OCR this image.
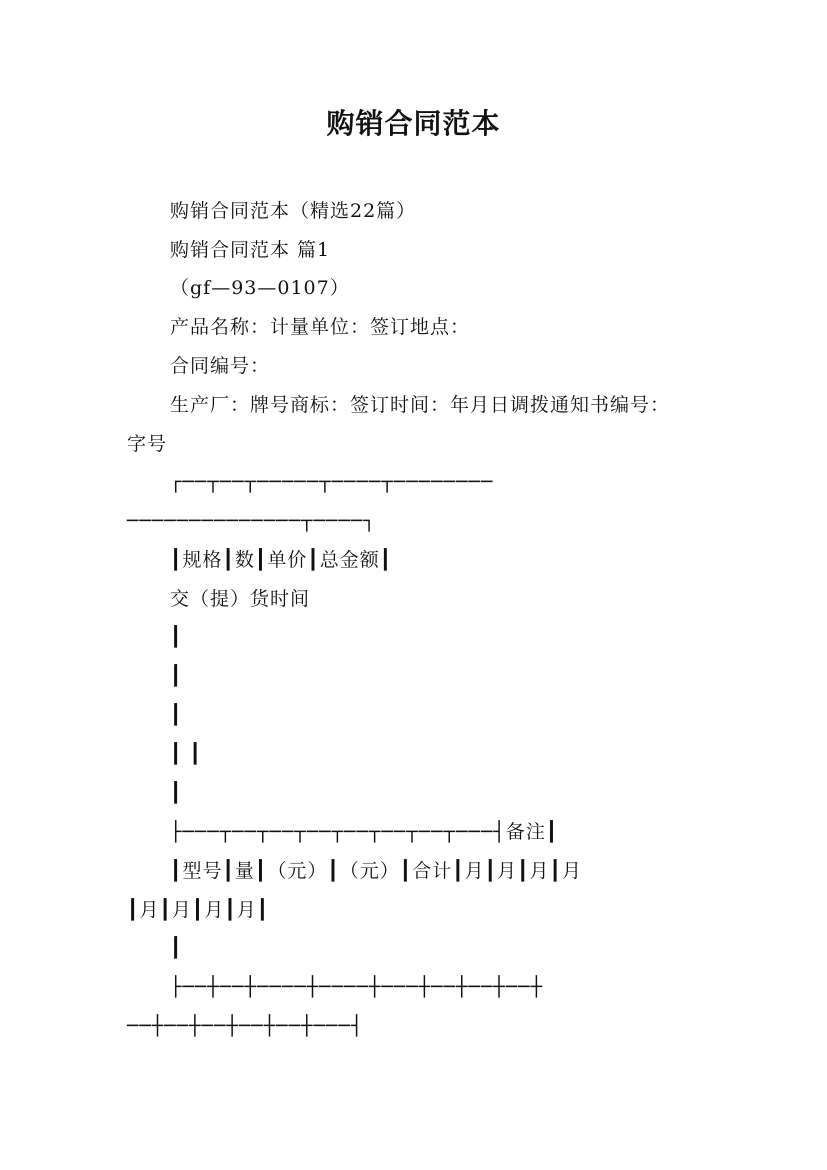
购销合同范本
购销合同范本（精选22篇）
购销合同范本 篇1
（gf—93—0107）
产品名称：计量单位：签订地点：
合同编号：
生产厂：牌号商标：签订时间：年月日调拨通知书编号：
字号
┌──┬──┬─────┬────┬────────
──────────────┬────┐
┃规格┃数┃单价┃总金额┃
交（提）货时间
┃
┃
┃
┃ ┃
┃
├───┬──┬──┬──┬──┬──┬──┬───┤备注┃
┃型号┃量┃（元）┃（元）┃合计┃月┃月┃月┃月
┃月┃月┃月┃月┃
┃
├──┼──┼────┼────┼───┼──┼──┼──┼
──┼──┼──┼──┼──┼───┤
